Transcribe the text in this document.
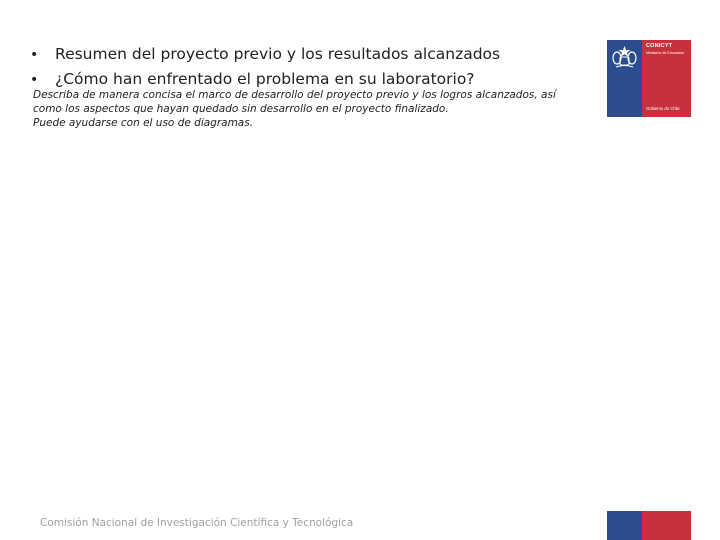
•	Resumen del proyecto previo y los resultados alcanzados
•	¿Cómo han enfrentado el problema en su laboratorio?
Describa de manera concisa el marco de desarrollo del proyecto previo y los logros alcanzados, así
como los aspectos que hayan quedado sin desarrollo en el proyecto finalizado.
Puede ayudarse con el uso de diagramas.
CONICYT
Ministerio de Educación
Gobierno de Chile
Comisión Nacional de Investigación Científica y Tecnológica
